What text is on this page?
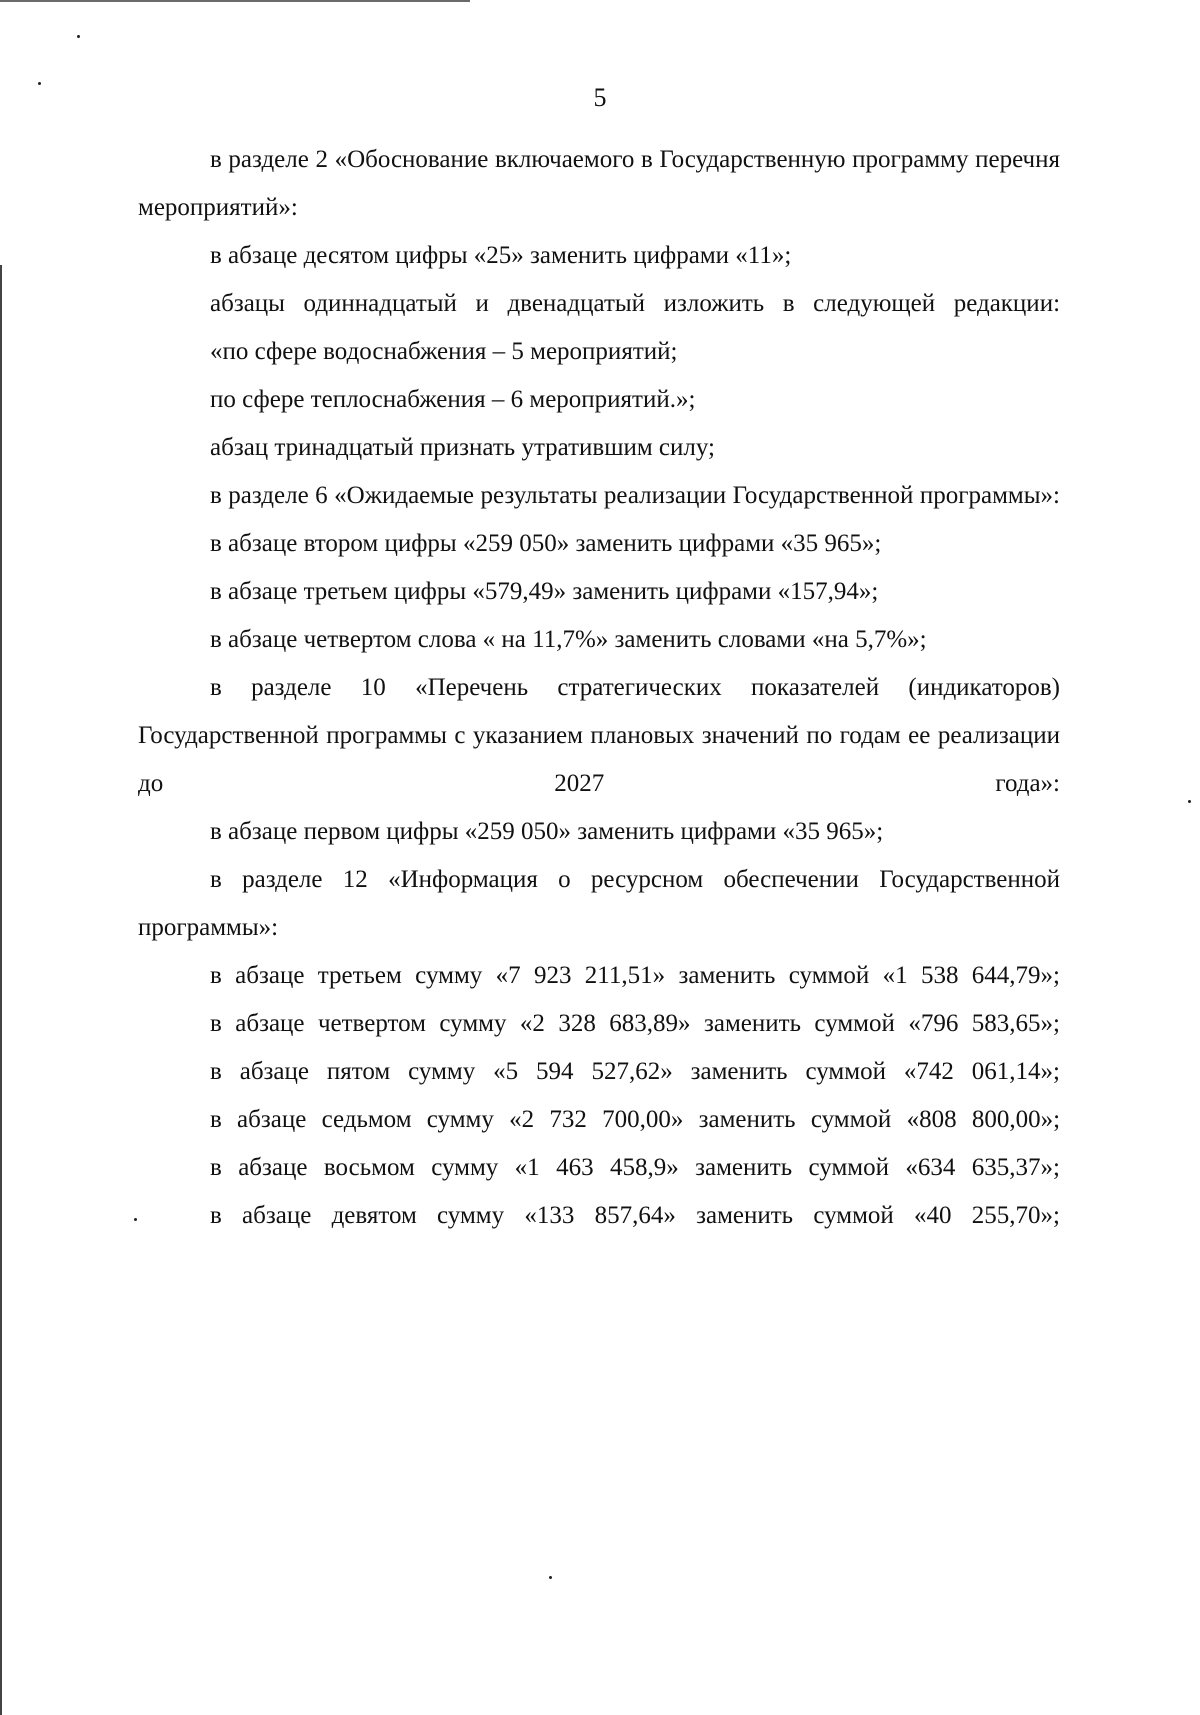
5

в разделе 2 «Обоснование включаемого в Государственную программу перечня мероприятий»:

в абзаце десятом цифры «25» заменить цифрами «11»;

абзацы одиннадцатый и двенадцатый изложить в следующей редакции:

«по сфере водоснабжения – 5 мероприятий;

по сфере теплоснабжения – 6 мероприятий.»;

абзац тринадцатый признать утратившим силу;

в разделе 6 «Ожидаемые результаты реализации Государственной программы»:

в абзаце втором цифры «259 050» заменить цифрами «35 965»;

в абзаце третьем цифры «579,49» заменить цифрами «157,94»;

в абзаце четвертом слова « на 11,7%» заменить словами «на 5,7%»;

в разделе 10 «Перечень стратегических показателей (индикаторов) Государственной программы с указанием плановых значений по годам ее реализации до 2027 года»:

в абзаце первом цифры «259 050» заменить цифрами «35 965»;

в разделе 12 «Информация о ресурсном обеспечении Государственной программы»:

в абзаце третьем сумму «7 923 211,51» заменить суммой «1 538 644,79»;

в абзаце четвертом сумму «2 328 683,89» заменить суммой «796 583,65»;

в абзаце пятом сумму «5 594 527,62» заменить суммой «742 061,14»;

в абзаце седьмом сумму «2 732 700,00» заменить суммой «808 800,00»;

в абзаце восьмом сумму «1 463 458,9» заменить суммой «634 635,37»;

в абзаце девятом сумму «133 857,64» заменить суммой «40 255,70»;
